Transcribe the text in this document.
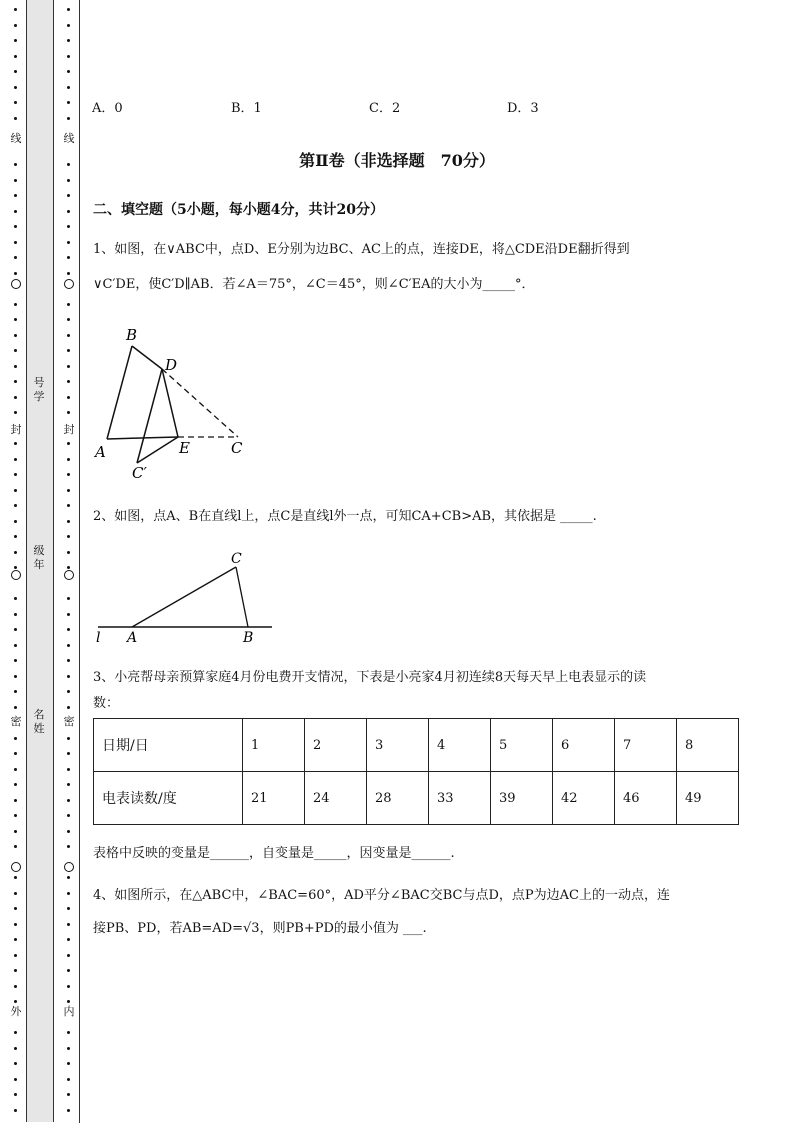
线
封
密
外
线
封
密
内
号
学
级
年
名
姓
A．0	B．1	C．2	D．3
第Ⅱ卷（非选择题　70分）
二、填空题（5小题，每小题4分，共计20分）
1、如图，在∨ABC中，点D、E分别为边BC、AC上的点，连接DE，将△CDE沿DE翻折得到
∨C′DE，使C′D∥AB．若∠A＝75°，∠C＝45°，则∠C′EA的大小为_____°．
B
D
A	E	C
C′
2、如图，点A、B在直线l上，点C是直线l外一点，可知CA+CB>AB，其依据是 _____.
C
l A	B
3、小亮帮母亲预算家庭4月份电费开支情况，下表是小亮家4月初连续8天每天早上电表显示的读
数：
日期/日	1	2	3	4	5	6	7	8
电表读数/度	21	24	28	33	39	42	46	49
表格中反映的变量是______，自变量是_____，因变量是______.
4、如图所示，在△ABC中，∠BAC=60°，AD平分∠BAC交BC与点D，点P为边AC上的一动点，连
接PB、PD，若AB=AD=√3，则PB+PD的最小值为 ___.
